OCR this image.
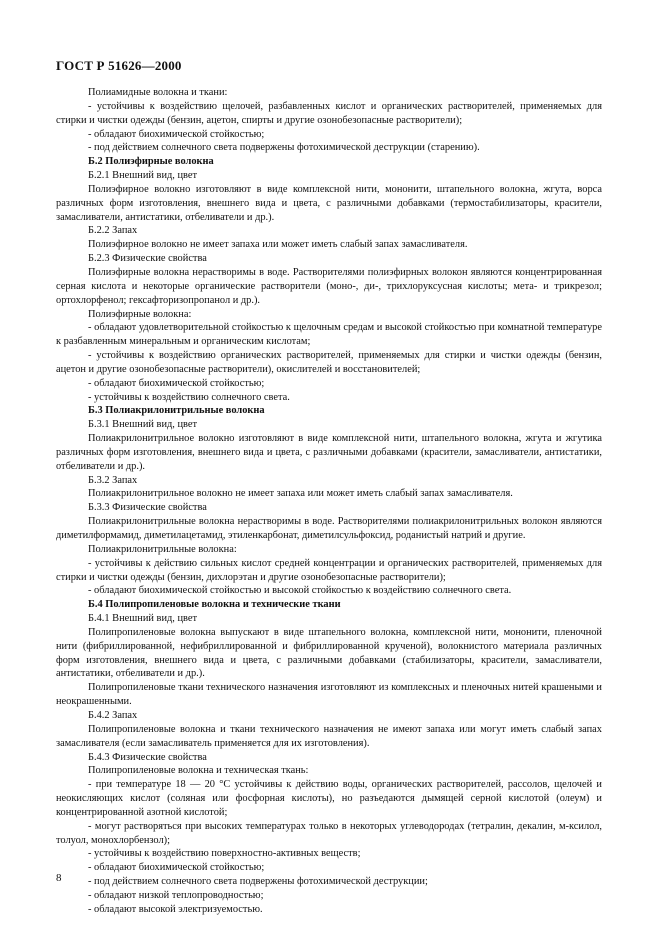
ГОСТ Р 51626—2000

Полиамидные волокна и ткани:

- устойчивы к воздействию щелочей, разбавленных кислот и органических растворителей, применяемых для стирки и чистки одежды (бензин, ацетон, спирты и другие озонобезопасные растворители);

- обладают биохимической стойкостью;

- под действием солнечного света подвержены фотохимической деструкции (старению).

Б.2 Полиэфирные волокна

Б.2.1 Внешний вид, цвет

Полиэфирное волокно изготовляют в виде комплексной нити, мононити, штапельного волокна, жгута, ворса различных форм изготовления, внешнего вида и цвета, с различными добавками (термостабилизаторы, красители, замасливатели, антистатики, отбеливатели и др.).

Б.2.2 Запах

Полиэфирное волокно не имеет запаха или может иметь слабый запах замасливателя.

Б.2.3 Физические свойства

Полиэфирные волокна нерастворимы в воде. Растворителями полиэфирных волокон являются концентрированная серная кислота и некоторые органические растворители (моно-, ди-, трихлоруксусная кислоты; мета- и трикрезол; ортохлорфенол; гексафторизопропанол и др.).

Полиэфирные волокна:

- обладают удовлетворительной стойкостью к щелочным средам и высокой стойкостью при комнатной температуре к разбавленным минеральным и органическим кислотам;

- устойчивы к воздействию органических растворителей, применяемых для стирки и чистки одежды (бензин, ацетон и другие озонобезопасные растворители), окислителей и восстановителей;

- обладают биохимической стойкостью;

- устойчивы к воздействию солнечного света.

Б.3 Полиакрилонитрильные волокна

Б.3.1 Внешний вид, цвет

Полиакрилонитрильное волокно изготовляют в виде комплексной нити, штапельного волокна, жгута и жгутика различных форм изготовления, внешнего вида и цвета, с различными добавками (красители, замасливатели, антистатики, отбеливатели и др.).

Б.3.2 Запах

Полиакрилонитрильное волокно не имеет запаха или может иметь слабый запах замасливателя.

Б.3.3 Физические свойства

Полиакрилонитрильные волокна нерастворимы в воде. Растворителями полиакрилонитрильных волокон являются диметилформамид, диметилацетамид, этиленкарбонат, диметилсульфоксид, роданистый натрий и другие.

Полиакрилонитрильные волокна:

- устойчивы к действию сильных кислот средней концентрации и органических растворителей, применяемых для стирки и чистки одежды (бензин, дихлорэтан и другие озонобезопасные растворители);

- обладают биохимической стойкостью и высокой стойкостью к воздействию солнечного света.

Б.4 Полипропиленовые волокна и технические ткани

Б.4.1 Внешний вид, цвет

Полипропиленовые волокна выпускают в виде штапельного волокна, комплексной нити, мононити, пленочной нити (фибриллированной, нефибриллированной и фибриллированной крученой), волокнистого материала различных форм изготовления, внешнего вида и цвета, с различными добавками (стабилизаторы, красители, замасливатели, антистатики, отбеливатели и др.).

Полипропиленовые ткани технического назначения изготовляют из комплексных и пленочных нитей крашеными и неокрашенными.

Б.4.2 Запах

Полипропиленовые волокна и ткани технического назначения не имеют запаха или могут иметь слабый запах замасливателя (если замасливатель применяется для их изготовления).

Б.4.3 Физические свойства

Полипропиленовые волокна и техническая ткань:

- при температуре 18 — 20 °С устойчивы к действию воды, органических растворителей, рассолов, щелочей и неокисляющих кислот (соляная или фосфорная кислоты), но разъедаются дымящей серной кислотой (олеум) и концентрированной азотной кислотой;

- могут растворяться при высоких температурах только в некоторых углеводородах (тетралин, декалин, м-ксилол, толуол, монохлорбензол);

- устойчивы к воздействию поверхностно-активных веществ;

- обладают биохимической стойкостью;

- под действием солнечного света подвержены фотохимической деструкции;

- обладают низкой теплопроводностью;

- обладают высокой электризуемостью.

8
